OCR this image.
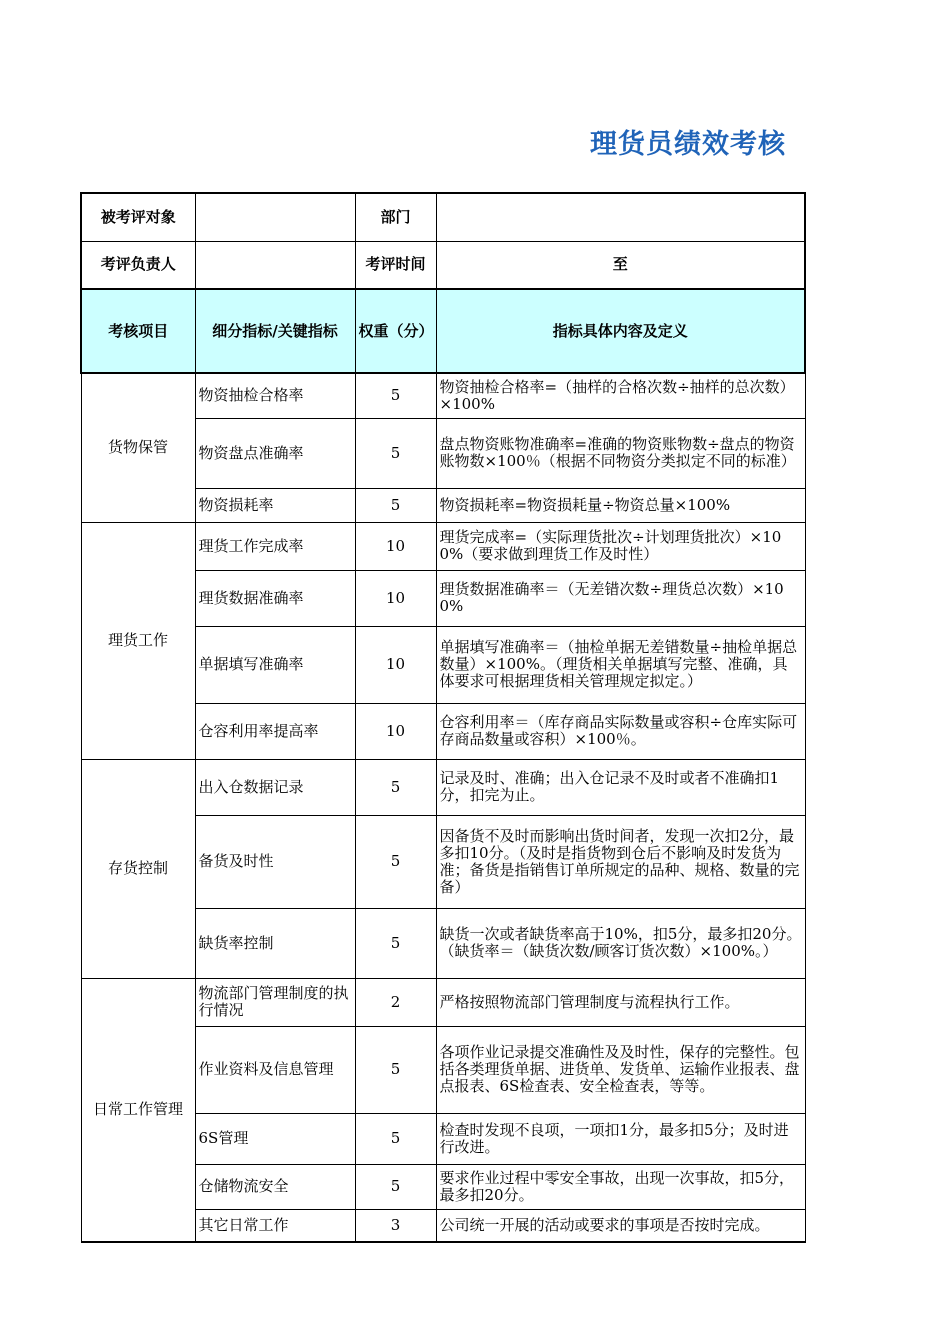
理货员绩效考核
被考评对象		部门	
考评负责人		考评时间	至
考核项目	细分指标/关键指标	权重（分）	指标具体内容及定义
货物保管	物资抽检合格率	5	物资抽检合格率=（抽样的合格次数÷抽样的总次数）×100%
	物资盘点准确率	5	盘点物资账物准确率=准确的物资账物数÷盘点的物资账物数×100％（根据不同物资分类拟定不同的标准）
	物资损耗率	5	物资损耗率=物资损耗量÷物资总量×100%
理货工作	理货工作完成率	10	理货完成率=（实际理货批次÷计划理货批次）×100%（要求做到理货工作及时性）
	理货数据准确率	10	理货数据准确率＝（无差错次数÷理货总次数）×100%
	单据填写准确率	10	单据填写准确率＝（抽检单据无差错数量÷抽检单据总数量）×100%。（理货相关单据填写完整、准确，具体要求可根据理货相关管理规定拟定。）
	仓容利用率提高率	10	仓容利用率＝（库存商品实际数量或容积÷仓库实际可存商品数量或容积）×100％。
存货控制	出入仓数据记录	5	记录及时、准确；出入仓记录不及时或者不准确扣1分，扣完为止。
	备货及时性	5	因备货不及时而影响出货时间者，发现一次扣2分，最多扣10分。（及时是指货物到仓后不影响及时发货为准；备货是指销售订单所规定的品种、规格、数量的完备）
	缺货率控制	5	缺货一次或者缺货率高于10%，扣5分，最多扣20分。（缺货率＝（缺货次数/顾客订货次数）×100%。）
日常工作管理	物流部门管理制度的执行情况	2	严格按照物流部门管理制度与流程执行工作。
	作业资料及信息管理	5	各项作业记录提交准确性及及时性，保存的完整性。包括各类理货单据、进货单、发货单、运输作业报表、盘点报表、6S检查表、安全检查表，等等。
	6S管理	5	检查时发现不良项，一项扣1分，最多扣5分；及时进行改进。
	仓储物流安全	5	要求作业过程中零安全事故，出现一次事故，扣5分，最多扣20分。
	其它日常工作	3	公司统一开展的活动或要求的事项是否按时完成。
